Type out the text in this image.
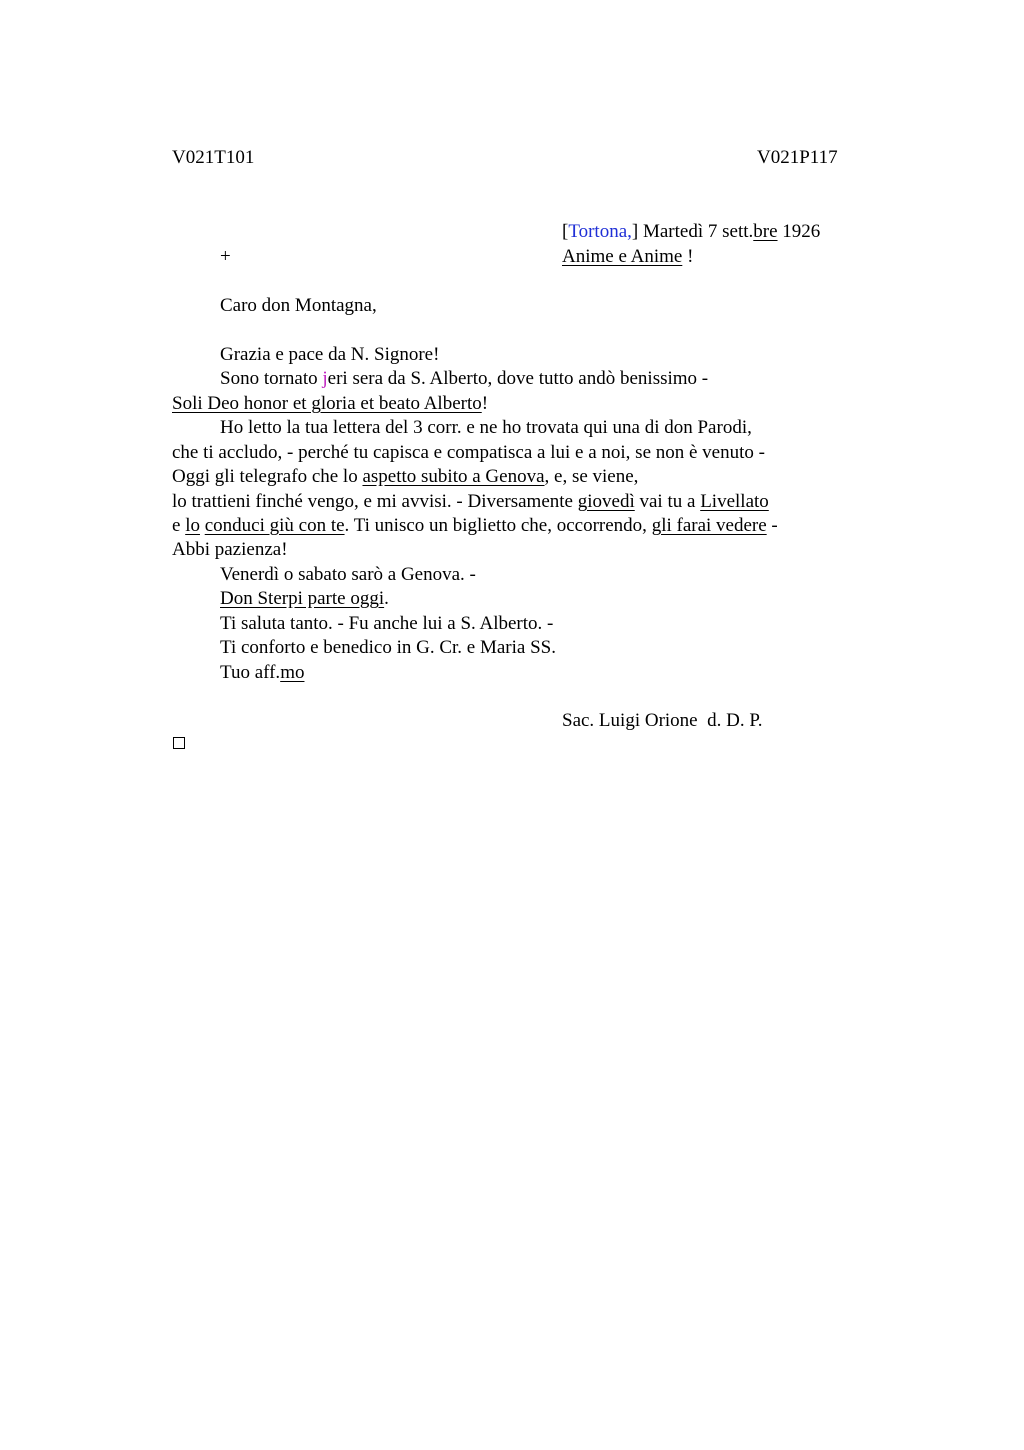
V021T101	V021P117
[Tortona,] Martedì 7 sett.bre 1926
+	Anime e Anime !
Caro don Montagna,
Grazia e pace da N. Signore!
Sono tornato jeri sera da S. Alberto, dove tutto andò benissimo -
Soli Deo honor et gloria et beato Alberto!
Ho letto la tua lettera del 3 corr. e ne ho trovata qui una di don Parodi,
che ti accludo, - perché tu capisca e compatisca a lui e a noi, se non è venuto -
Oggi gli telegrafo che lo aspetto subito a Genova, e, se viene,
lo trattieni finché vengo, e mi avvisi. - Diversamente giovedì vai tu a Livellato
e lo conduci giù con te. Ti unisco un biglietto che, occorrendo, gli farai vedere -
Abbi pazienza!
Venerdì o sabato sarò a Genova. -
Don Sterpi parte oggi.
Ti saluta tanto. - Fu anche lui a S. Alberto. -
Ti conforto e benedico in G. Cr. e Maria SS.
Tuo aff.mo
Sac. Luigi Orione  d. D. P.
